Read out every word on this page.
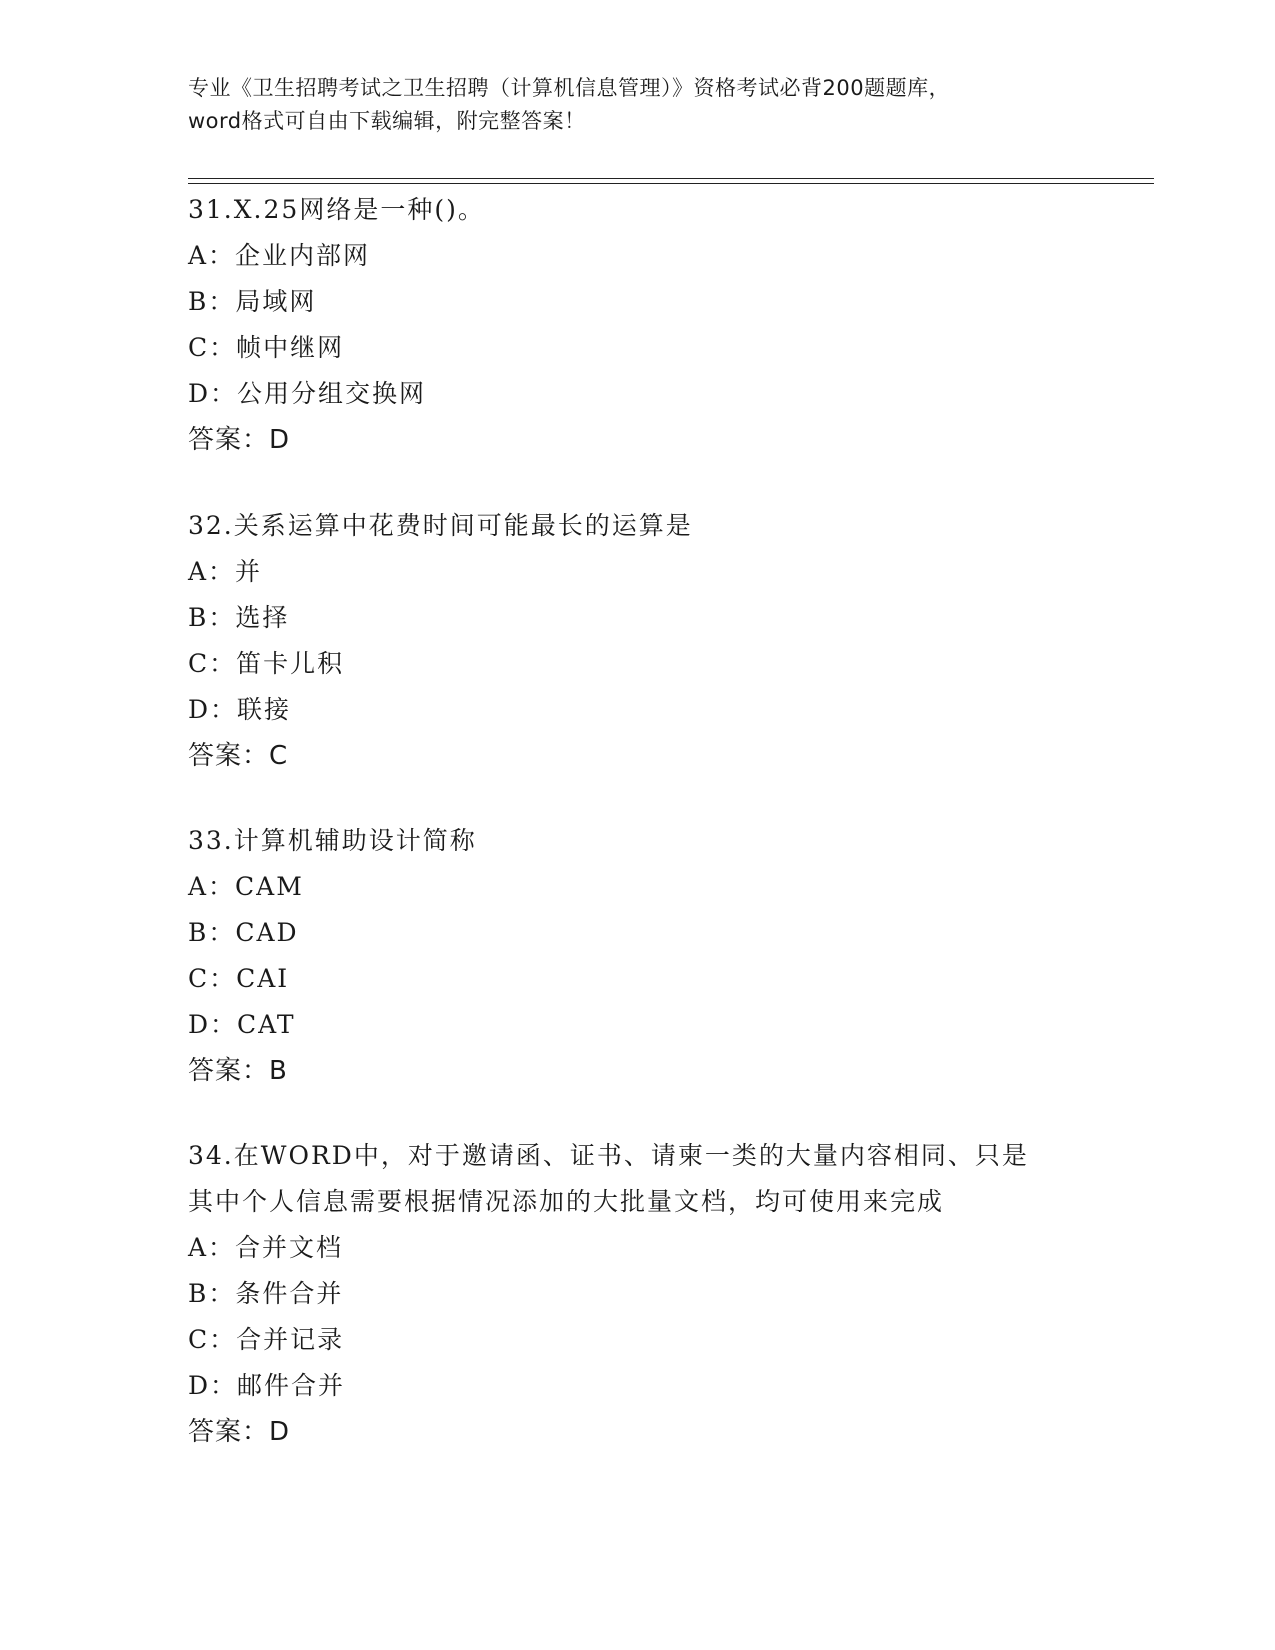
专业《卫生招聘考试之卫生招聘（计算机信息管理）》资格考试必背200题题库，
word格式可自由下载编辑，附完整答案！
31.X.25网络是一种()。
A：企业内部网
B：局域网
C：帧中继网
D：公用分组交换网
答案：D
32.关系运算中花费时间可能最长的运算是
A：并
B：选择
C：笛卡儿积
D：联接
答案：C
33.计算机辅助设计简称
A：CAM
B：CAD
C：CAI
D：CAT
答案：B
34.在WORD中，对于邀请函、证书、请柬一类的大量内容相同、只是
其中个人信息需要根据情况添加的大批量文档，均可使用来完成
A：合并文档
B：条件合并
C：合并记录
D：邮件合并
答案：D
